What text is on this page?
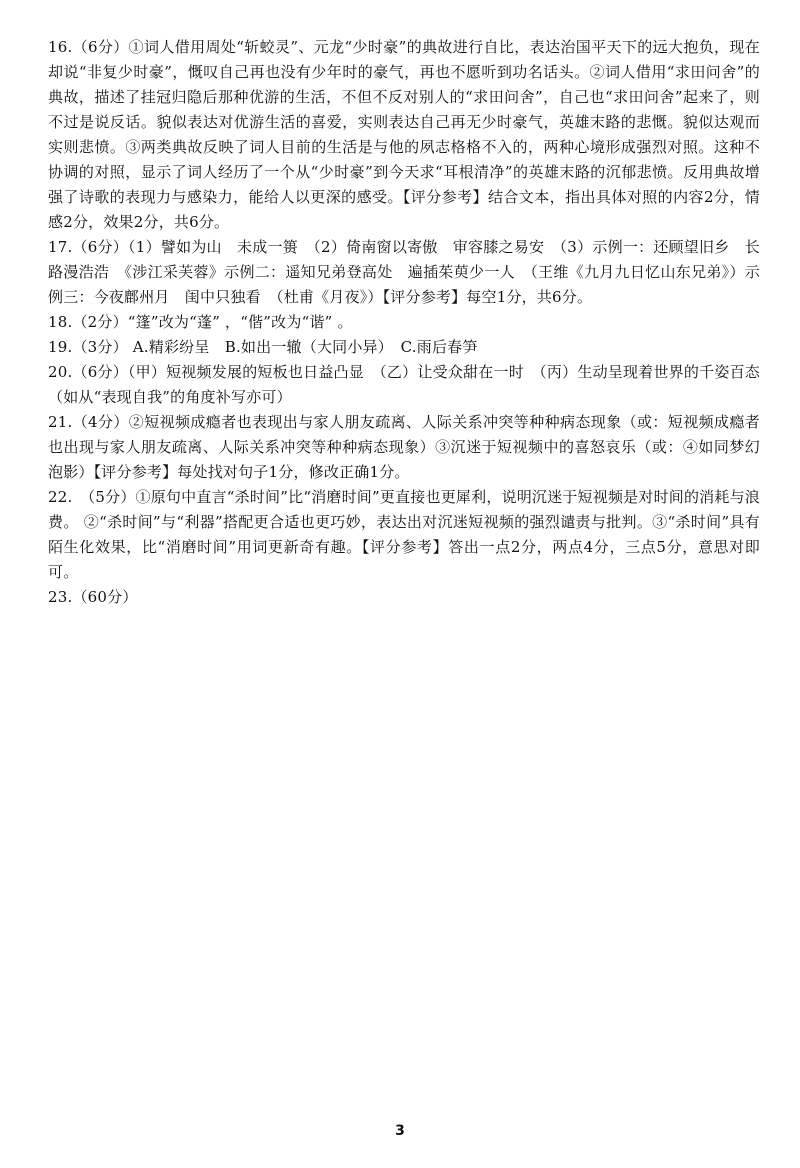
16.（6分）①词人借用周处“斩蛟灵”、元龙“少时豪”的典故进行自比，表达治国平天下的远大抱负，现在却说“非复少时豪”，慨叹自己再也没有少年时的豪气，再也不愿听到功名话头。②词人借用“求田问舍”的典故，描述了挂冠归隐后那种优游的生活，不但不反对别人的“求田问舍”，自己也“求田问舍”起来了，则不过是说反话。貌似表达对优游生活的喜爱，实则表达自己再无少时豪气，英雄末路的悲慨。貌似达观而实则悲愤。③两类典故反映了词人目前的生活是与他的夙志格格不入的，两种心境形成强烈对照。这种不协调的对照，显示了词人经历了一个从“少时豪”到今天求“耳根清净”的英雄末路的沉郁悲愤。反用典故增强了诗歌的表现力与感染力，能给人以更深的感受。【评分参考】结合文本，指出具体对照的内容2分，情感2分，效果2分，共6分。

17.（6分）（1）譬如为山　未成一篑　（2）倚南窗以寄傲　审容膝之易安　（3）示例一：还顾望旧乡　长路漫浩浩　《涉江采芙蓉》示例二：遥知兄弟登高处　遍插茱萸少一人　（王维《九月九日忆山东兄弟》）示例三：今夜鄜州月　闺中只独看　（杜甫《月夜》）【评分参考】每空1分，共6分。

18.（2分）“篷”改为“蓬” ，“偕”改为“谐” 。

19.（3分） A.精彩纷呈　B.如出一辙（大同小异）　C.雨后春笋

20.（6分）（甲）短视频发展的短板也日益凸显　（乙）让受众甜在一时　（丙）生动呈现着世界的千姿百态（如从“表现自我”的角度补写亦可）

21.（4分）②短视频成瘾者也表现出与家人朋友疏离、人际关系冲突等种种病态现象（或：短视频成瘾者也出现与家人朋友疏离、人际关系冲突等种种病态现象）③沉迷于短视频中的喜怒哀乐（或：④如同梦幻泡影）【评分参考】每处找对句子1分，修改正确1分。

22.　（5分）①原句中直言“杀时间”比“消磨时间”更直接也更犀利，说明沉迷于短视频是对时间的消耗与浪费。 ②“杀时间”与“利器”搭配更合适也更巧妙，表达出对沉迷短视频的强烈谴责与批判。③“杀时间”具有陌生化效果，比“消磨时间”用词更新奇有趣。【评分参考】答出一点2分，两点4分，三点5分，意思对即可。

23.（60分）

3
